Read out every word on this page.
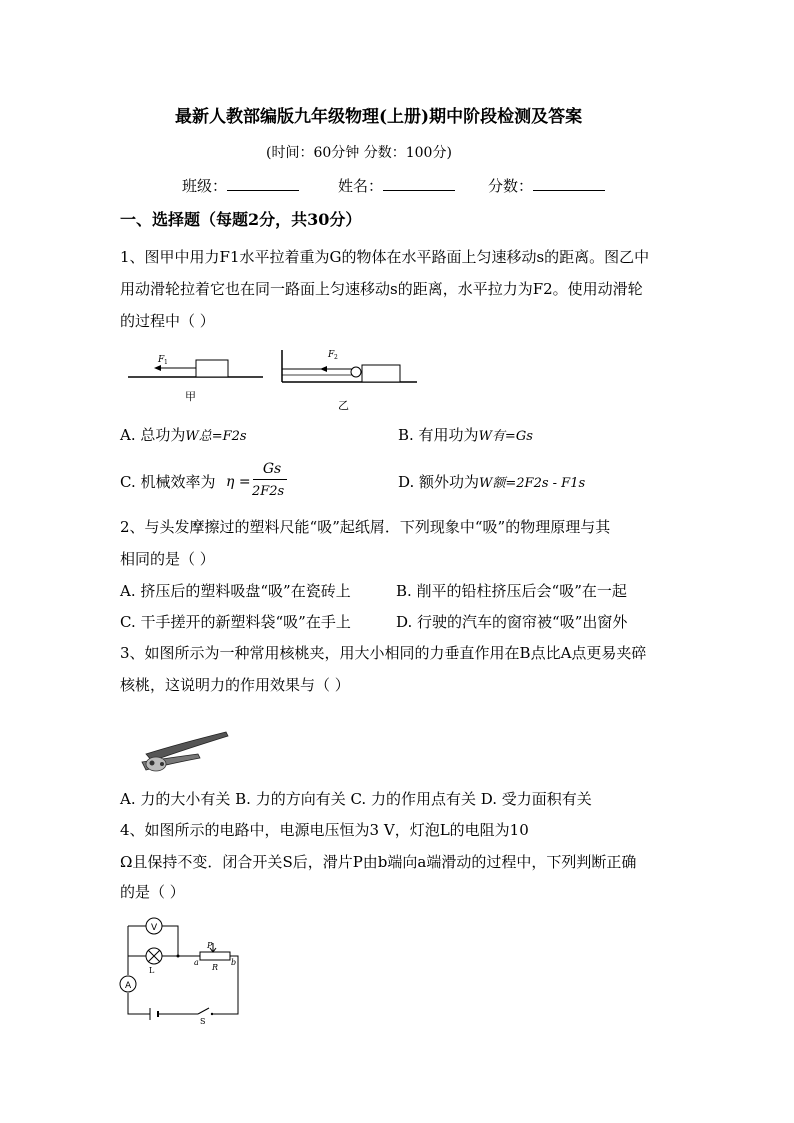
最新人教部编版九年级物理(上册)期中阶段检测及答案
(时间：60分钟 分数：100分)
班级：	姓名：	分数：
一、选择题（每题2分，共30分）
1、图甲中用力F1水平拉着重为G的物体在水平路面上匀速移动s的距离。图乙中
用动滑轮拉着它也在同一路面上匀速移动s的距离，水平拉力为F2。使用动滑轮
的过程中（ ）
F 1
甲
F 2
乙
A. 总功为W总=F2s	B. 有用功为W有=Gs
C. 机械效率为 η =
Gs
2F2s
D. 额外功为W额=2F2s - F1s
2、与头发摩擦过的塑料尺能“吸”起纸屑．下列现象中“吸”的物理原理与其
相同的是（ ）
A. 挤压后的塑料吸盘“吸”在瓷砖上	B. 削平的铅柱挤压后会“吸”在一起
C. 干手搓开的新塑料袋“吸”在手上	D. 行驶的汽车的窗帘被“吸”出窗外
3、如图所示为一种常用核桃夹，用大小相同的力垂直作用在B点比A点更易夹碎
核桃，这说明力的作用效果与（ ）
A. 力的大小有关 B. 力的方向有关 C. 力的作用点有关 D. 受力面积有关
4、如图所示的电路中，电源电压恒为3 V，灯泡L的电阻为10
Ω且保持不变．闭合开关S后，滑片P由b端向a端滑动的过程中，下列判断正确
的是（ ）
V
L
A
P
R
a	b
S
